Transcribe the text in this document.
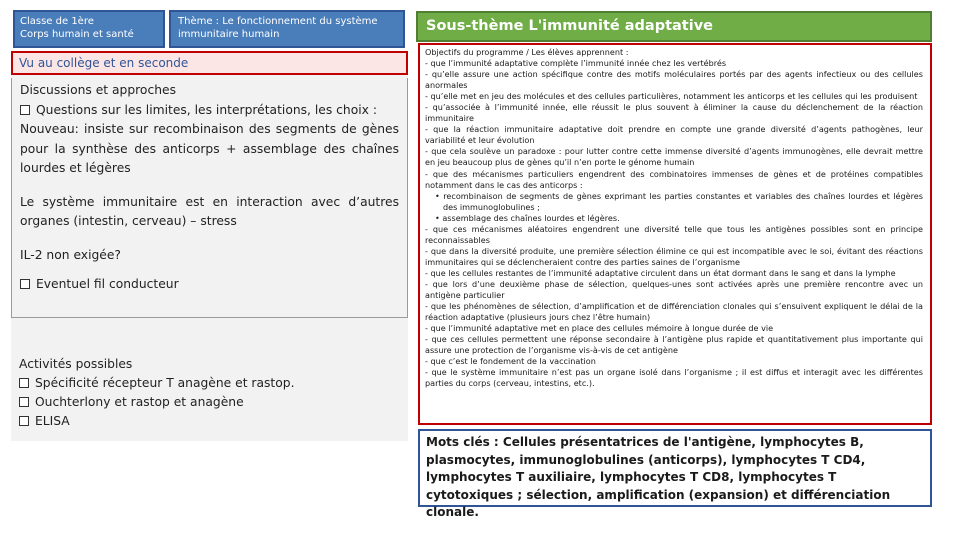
Classe de 1ère
Corps humain et santé
Thème : Le fonctionnement du système
immunitaire humain
Sous-thème L'immunité adaptative
Vu au collège et en seconde

Discussions et approches

Questions sur les limites, les interprétations, les choix :

Nouveau: insiste sur recombinaison des segments de gènes pour la synthèse des anticorps + assemblage des chaînes lourdes et légères

Le système immunitaire est en interaction avec d’autres organes (intestin, cerveau) – stress

IL-2 non exigée?

Eventuel fil conducteur

Activités possibles

Spécificité récepteur T anagène et rastop.

Ouchterlony et rastop et anagène

ELISA

Objectifs du programme / Les élèves apprennent :

- que l’immunité adaptative complète l’immunité innée chez les vertébrés

- qu’elle assure une action spécifique contre des motifs moléculaires portés par des agents infectieux ou des cellules anormales

- qu’elle met en jeu des molécules et des cellules particulières, notamment les anticorps et les cellules qui les produisent

- qu’associée à l’immunité innée, elle réussit le plus souvent à éliminer la cause du déclenchement de la réaction immunitaire

- que la réaction immunitaire adaptative doit prendre en compte une grande diversité d’agents pathogènes, leur variabilité et leur évolution

- que cela soulève un paradoxe : pour lutter contre cette immense diversité d’agents immunogènes, elle devrait mettre en jeu beaucoup plus de gènes qu’il n’en porte le génome humain

- que des mécanismes particuliers engendrent des combinatoires immenses de gènes et de protéines compatibles notamment dans le cas des anticorps :

• recombinaison de segments de gènes exprimant les parties constantes et variables des chaînes lourdes et légères des immunoglobulines ;

• assemblage des chaînes lourdes et légères.

- que ces mécanismes aléatoires engendrent une diversité telle que tous les antigènes possibles sont en principe reconnaissables

- que dans la diversité produite, une première sélection élimine ce qui est incompatible avec le soi, évitant des réactions immunitaires qui se déclencheraient contre des parties saines de l’organisme

- que les cellules restantes de l’immunité adaptative circulent dans un état dormant dans le sang et dans la lymphe

- que lors d’une deuxième phase de sélection, quelques-unes sont activées après une première rencontre avec un antigène particulier

- que les phénomènes de sélection, d’amplification et de différenciation clonales qui s’ensuivent expliquent le délai de la réaction adaptative (plusieurs jours chez l’être humain)

- que l’immunité adaptative met en place des cellules mémoire à longue durée de vie

- que ces cellules permettent une réponse secondaire à l’antigène plus rapide et quantitativement plus importante qui assure une protection de l’organisme vis-à-vis de cet antigène

- que c’est le fondement de la vaccination

- que le système immunitaire n’est pas un organe isolé dans l’organisme ; il est diffus et interagit avec les différentes parties du corps (cerveau, intestins, etc.).

Mots clés : Cellules présentatrices de l'antigène, lymphocytes B, plasmocytes, immunoglobulines (anticorps), lymphocytes T CD4, lymphocytes T auxiliaire, lymphocytes T CD8, lymphocytes T cytotoxiques ; sélection, amplification (expansion) et différenciation clonale.
